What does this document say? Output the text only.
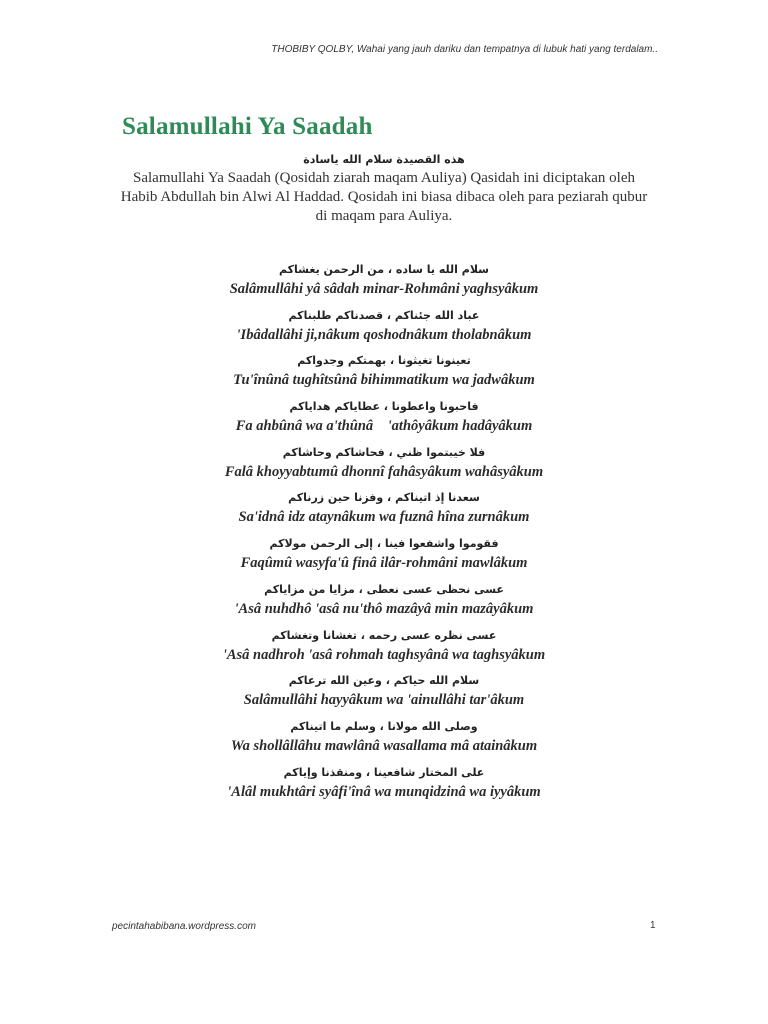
THOBIBY QOLBY, Wahai yang jauh dariku dan tempatnya di lubuk hati yang terdalam..
Salamullahi Ya Saadah
هذه القصيدة سلام الله ياسادة
Salamullahi Ya Saadah (Qosidah ziarah maqam Auliya) Qasidah ini diciptakan oleh Habib Abdullah bin Alwi Al Haddad. Qosidah ini biasa dibaca oleh para peziarah qubur di maqam para Auliya.
سلام الله يا ساده ، من الرحمن يغشاكم
Salâmullâhi yâ sâdah minar-Rohmâni yaghsyâkum
عباد الله جئناكم ، قصدناكم طلبناكم
'Ibâdallâhi ji,nâkum qoshodnâkum tholabnâkum
تعينونا تغيثونا ، بهمتكم وجدواكم
Tu'înûnâ tughîtsûnâ bihimmatikum wa jadwâkum
فاحبونا واعطونا ، عطاياكم هداياكم
Fa ahbûnâ wa a'thûnâ    'athôyâkum hadâyâkum
فلا خيبتموا ظني ، فحاشاكم وحاشاكم
Falâ khoyyabtumû dhonnî fahâsyâkum wahâsyâkum
سعدنا إذ اتيناكم ، وفزنا حين زرناكم
Sa'idnâ idz ataynâkum wa fuznâ hîna zurnâkum
فقوموا واشفعوا فينا ، إلى الرحمن مولاكم
Faqûmû wasyfa'û finâ ilâr-rohmâni mawlâkum
عسى نحظى عسى نعطى ، مزايا من مزاياكم
'Asâ nuhdhô 'asâ nu'thô mazâyâ min mazâyâkum
عسى نظره عسى رحمه ، تغشانا وتغشاكم
'Asâ nadhroh 'asâ rohmah taghsyânâ wa taghsyâkum
سلام الله حياكم ، وعين الله ترعاكم
Salâmullâhi hayyâkum wa 'ainullâhi tar'âkum
وصلى الله مولانا ، وسلم ما اتيناكم
Wa shollâllâhu mawlânâ wasallama mâ atainâkum
على المختار شافعينا ، ومنقذنا وإياكم
'Alâl mukhtâri syâfi'înâ wa munqidzinâ wa iyyâkum
pecintahabibana.wordpress.com	1
